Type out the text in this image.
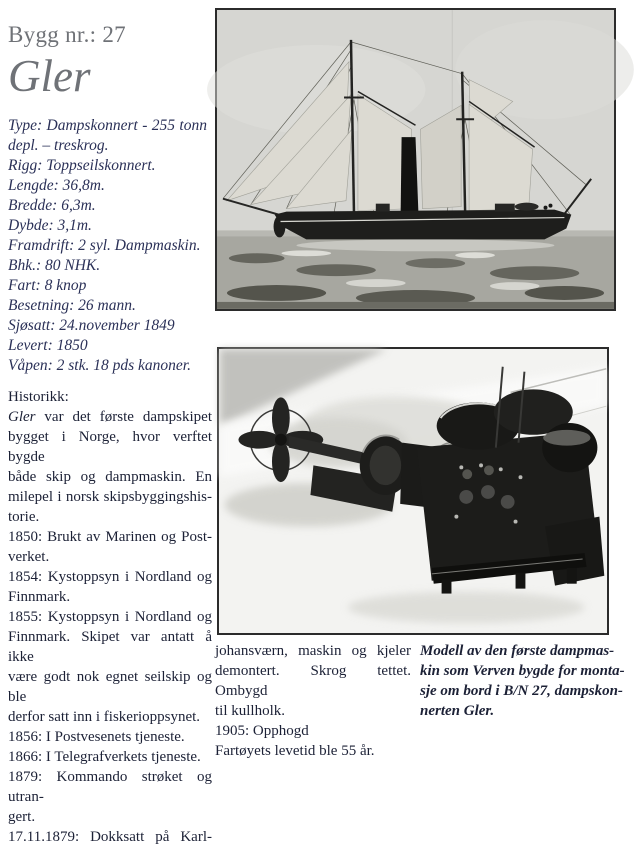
Bygg nr.: 27
Gler
Type: Dampskonnert - 255 tonn
depl. – treskrog.
Rigg: Toppseilskonnert.
Lengde: 36,8m.
Bredde: 6,3m.
Dybde: 3,1m.
Framdrift: 2 syl. Dampmaskin.
Bhk.: 80 NHK.
Fart: 8 knop
Besetning: 26 mann.
Sjøsatt: 24.november 1849
Levert: 1850
Våpen: 2 stk. 18 pds kanoner.
Historikk:
Gler var det første dampskipet
bygget i Norge, hvor verftet bygde
både skip og dampmaskin. En
milepel i norsk skipsbyggingshis-
torie.
1850: Brukt av Marinen og Post-
verket.
1854: Kystoppsyn i Nordland og
Finnmark.
1855: Kystoppsyn i Nordland og
Finnmark. Skipet var antatt å ikke
være godt nok egnet seilskip og ble
derfor satt inn i fiskerioppsynet.
1856: I Postvesenets tjeneste.
1866: I Telegrafverkets tjeneste.
1879: Kommando strøket og utran-
gert.
17.11.1879: Dokksatt på Karl-
johansværn, maskin og kjeler
demontert. Skrog tettet. Ombygd
til kullholk.
1905: Opphogd
Fartøyets levetid ble 55 år.
Modell av den første dampmas-
kin som Verven bygde for monta-
sje om bord i B/N 27, dampskon-
nerten Gler.
